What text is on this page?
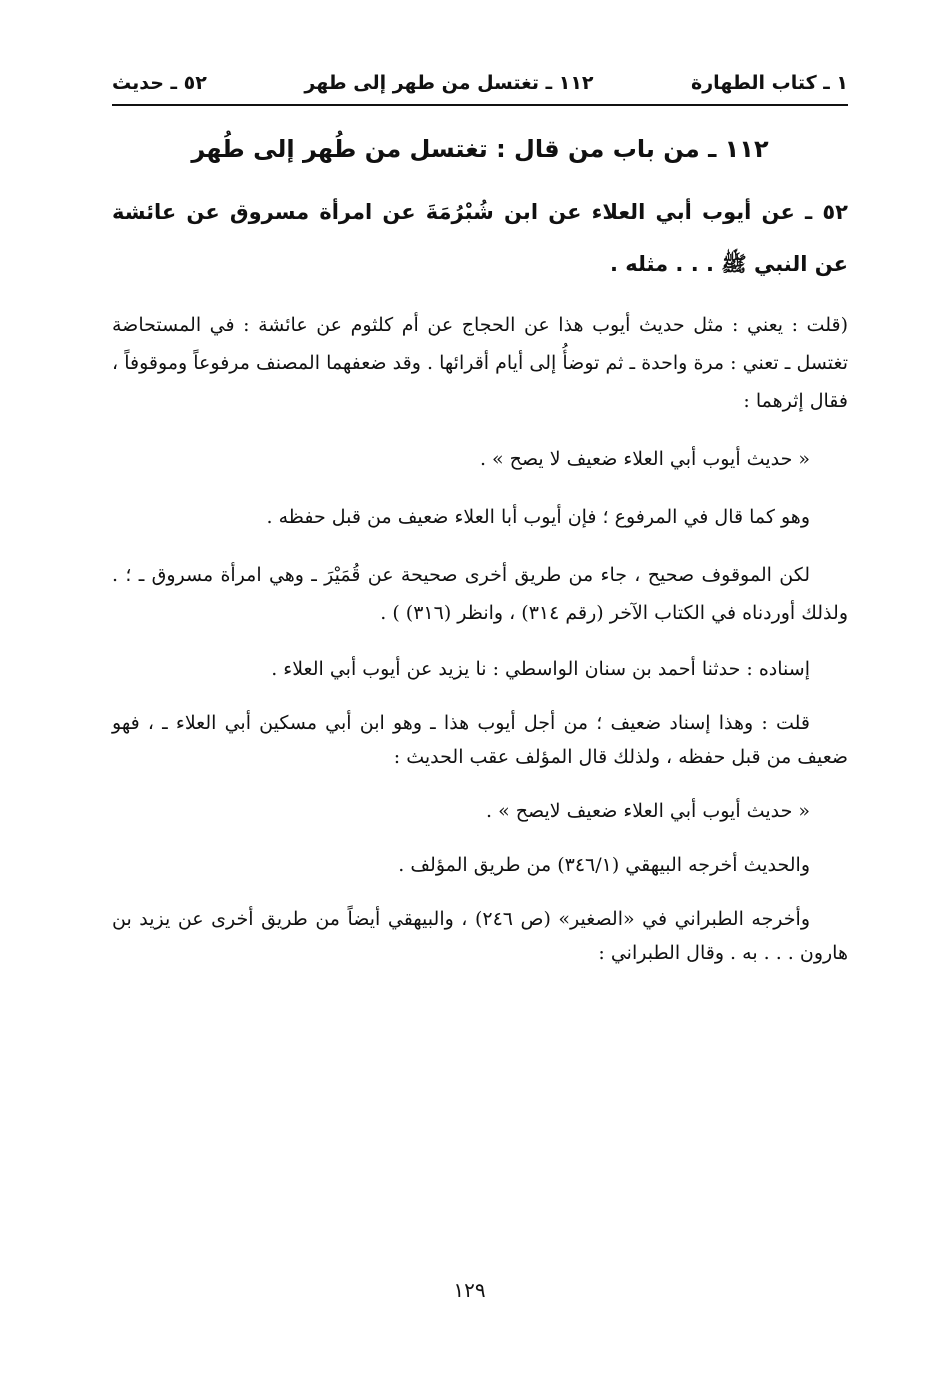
١ ـ كتاب الطهارة
١١٢ ـ تغتسل من طهر إلى طهر
٥٢ ـ حديث
١١٢ ـ من باب من قال : تغتسل من طُهر إلى طُهر
٥٢ ـ عن أيوب أبي العلاء عن ابن شُبْرُمَةَ عن امرأة مسروق عن عائشة عن النبي ﷺ . . . مثله .

(قلت : يعني : مثل حديث أيوب هذا عن الحجاج عن أم كلثوم عن عائشة : في المستحاضة تغتسل ـ تعني : مرة واحدة ـ ثم توضأُ إلى أيام أقرائها . وقد ضعفهما المصنف مرفوعاً وموقوفاً ، فقال إثرهما :

« حديث أيوب أبي العلاء ضعيف لا يصح » .

وهو كما قال في المرفوع ؛ فإن أيوب أبا العلاء ضعيف من قبل حفظه .

لكن الموقوف صحيح ، جاء من طريق أخرى صحيحة عن قُمَيْرَ ـ وهي امرأة مسروق ـ ؛ . ولذلك أوردناه في الكتاب الآخر (رقم ٣١٤) ، وانظر (٣١٦) ) .

إسناده : حدثنا أحمد بن سنان الواسطي : نا يزيد عن أيوب أبي العلاء .

قلت : وهذا إسناد ضعيف ؛ من أجل أيوب هذا ـ وهو ابن أبي مسكين أبي العلاء ـ ، فهو ضعيف من قبل حفظه ، ولذلك قال المؤلف عقب الحديث :

« حديث أيوب أبي العلاء ضعيف لايصح » .

والحديث أخرجه البيهقي (٣٤٦/١) من طريق المؤلف .

وأخرجه الطبراني في «الصغير» (ص ٢٤٦) ، والبيهقي أيضاً من طريق أخرى عن يزيد بن هارون . . . به . وقال الطبراني :

١٢٩
